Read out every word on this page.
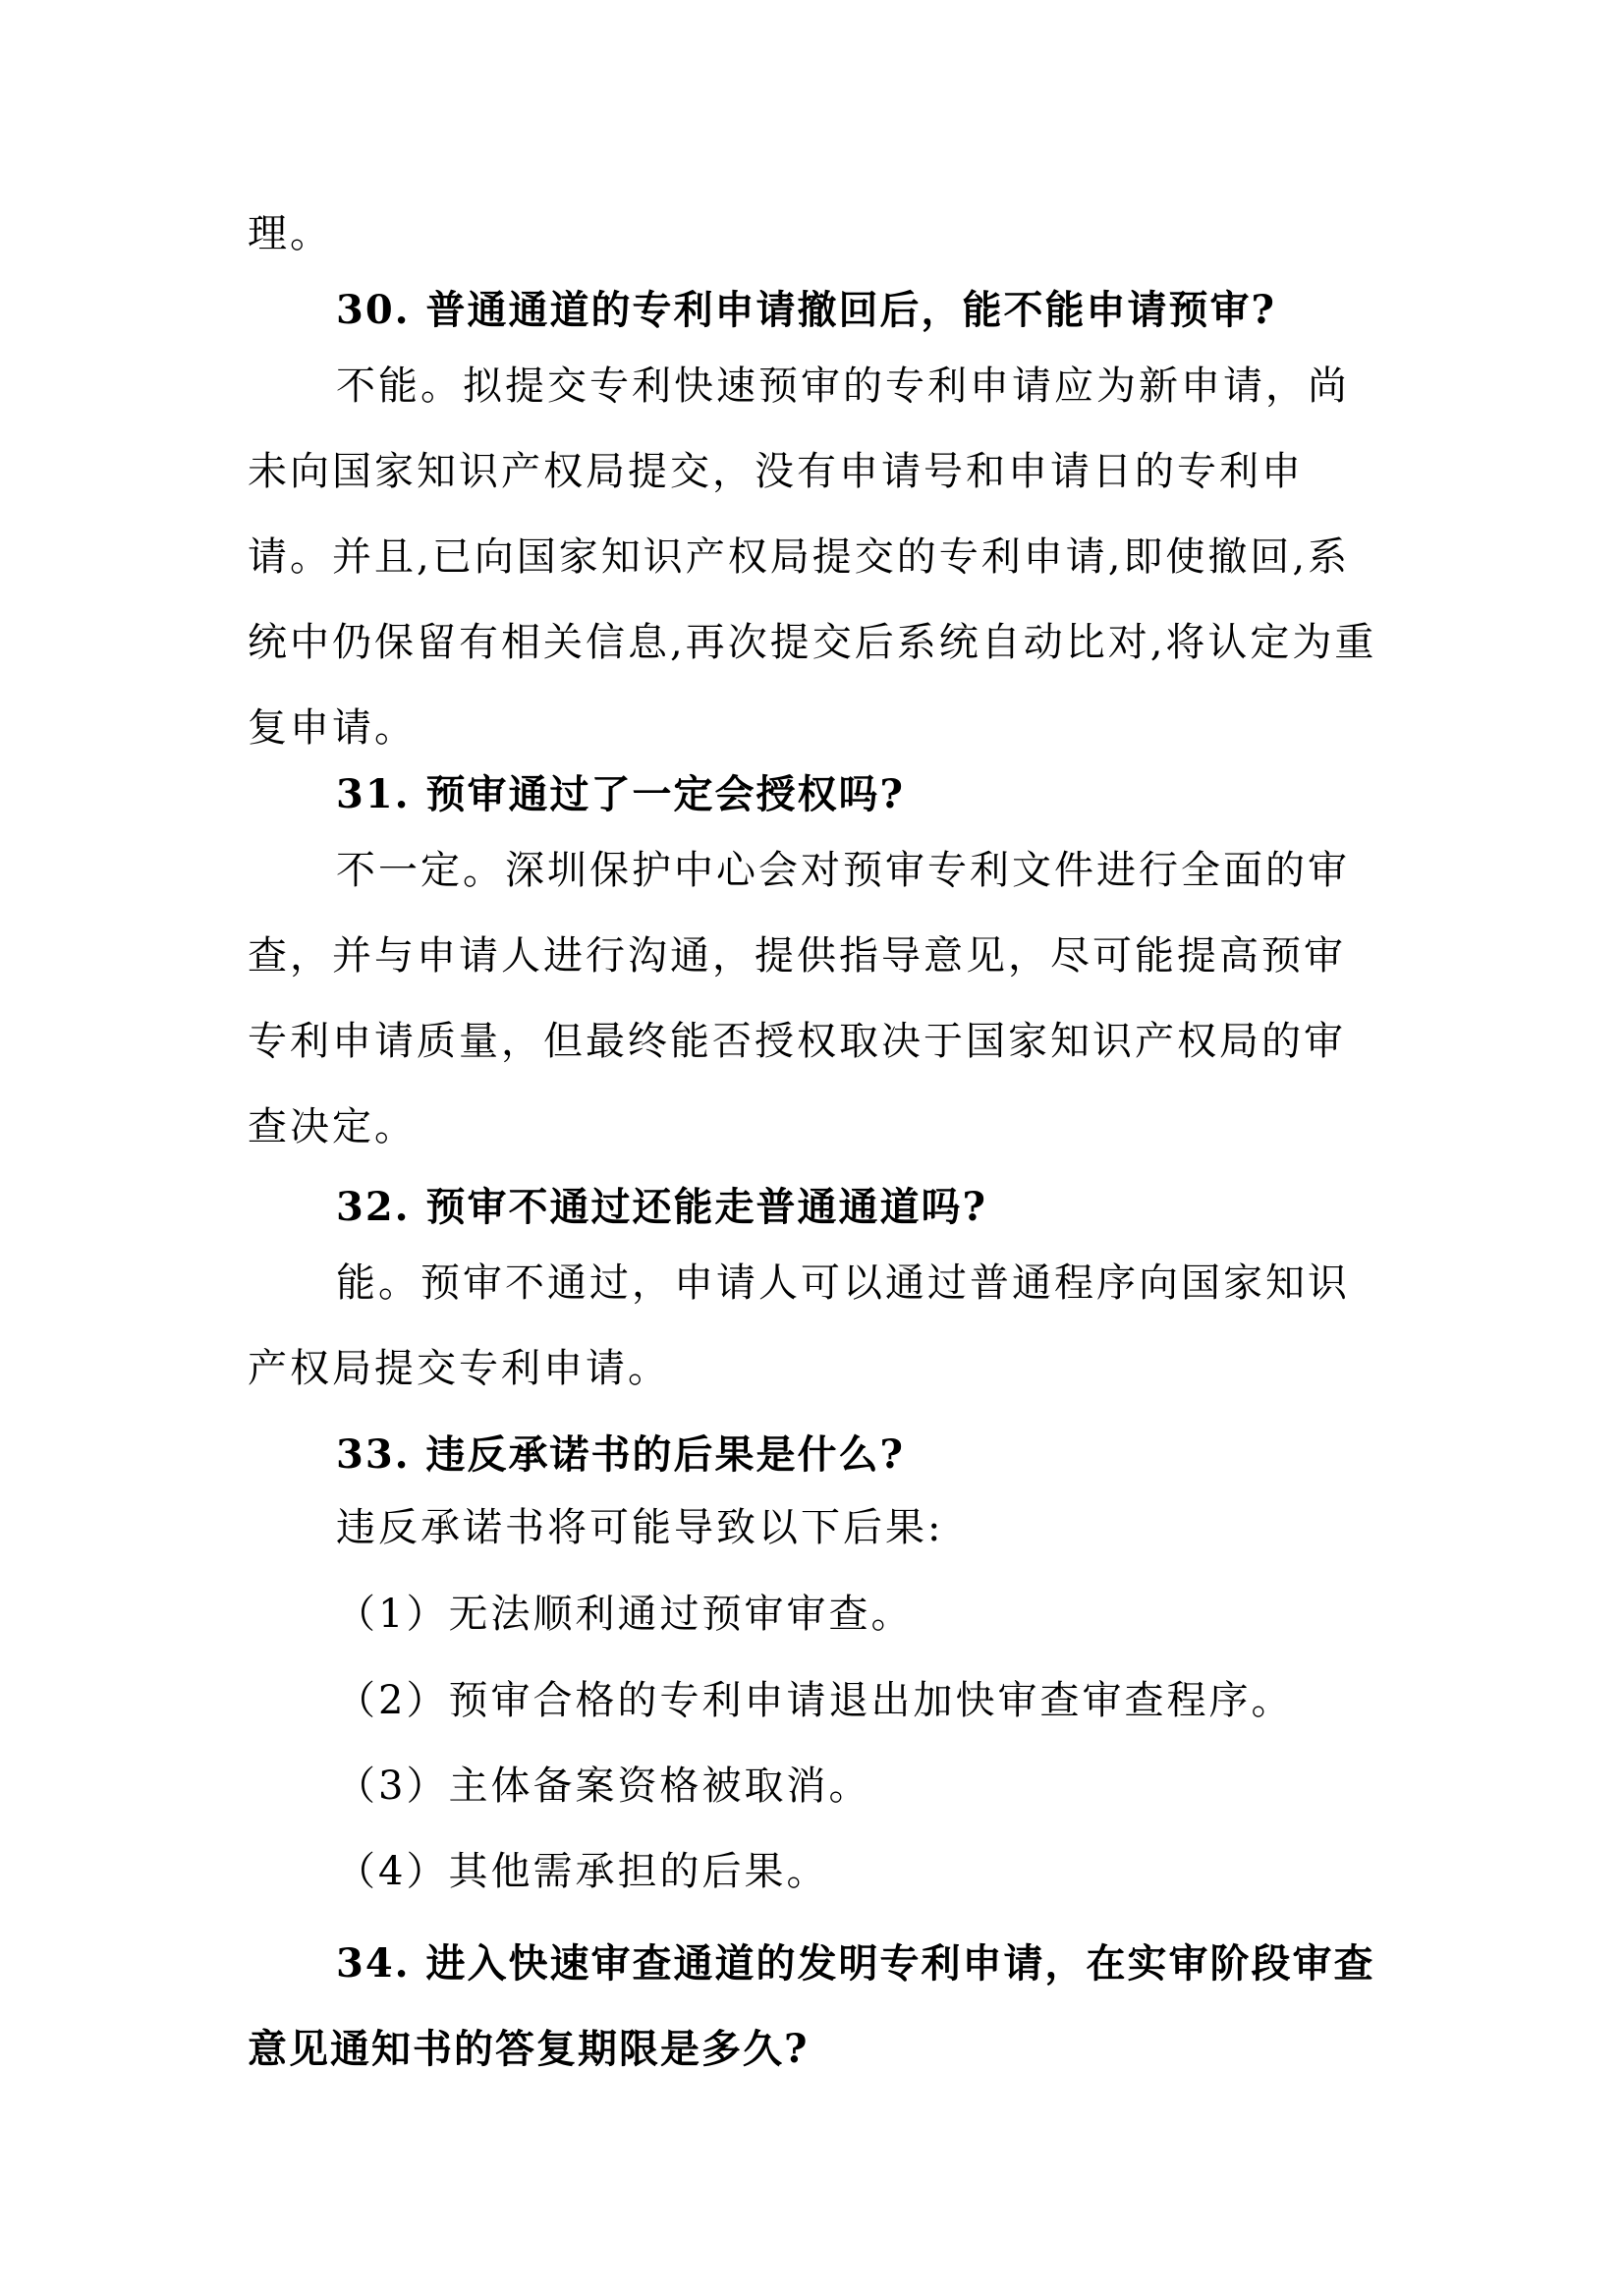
理。
30. 普通通道的专利申请撤回后，能不能申请预审?
不能。拟提交专利快速预审的专利申请应为新申请，尚未向国家知识产权局提交，没有申请号和申请日的专利申请。并且,已向国家知识产权局提交的专利申请,即使撤回,系统中仍保留有相关信息,再次提交后系统自动比对,将认定为重复申请。
31. 预审通过了一定会授权吗?
不一定。深圳保护中心会对预审专利文件进行全面的审查，并与申请人进行沟通，提供指导意见，尽可能提高预审专利申请质量，但最终能否授权取决于国家知识产权局的审查决定。
32. 预审不通过还能走普通通道吗?
能。预审不通过，申请人可以通过普通程序向国家知识产权局提交专利申请。
33. 违反承诺书的后果是什么?
违反承诺书将可能导致以下后果:
（1）无法顺利通过预审审查。
（2）预审合格的专利申请退出加快审查审查程序。
（3）主体备案资格被取消。
（4）其他需承担的后果。
34. 进入快速审查通道的发明专利申请，在实审阶段审查意见通知书的答复期限是多久?
